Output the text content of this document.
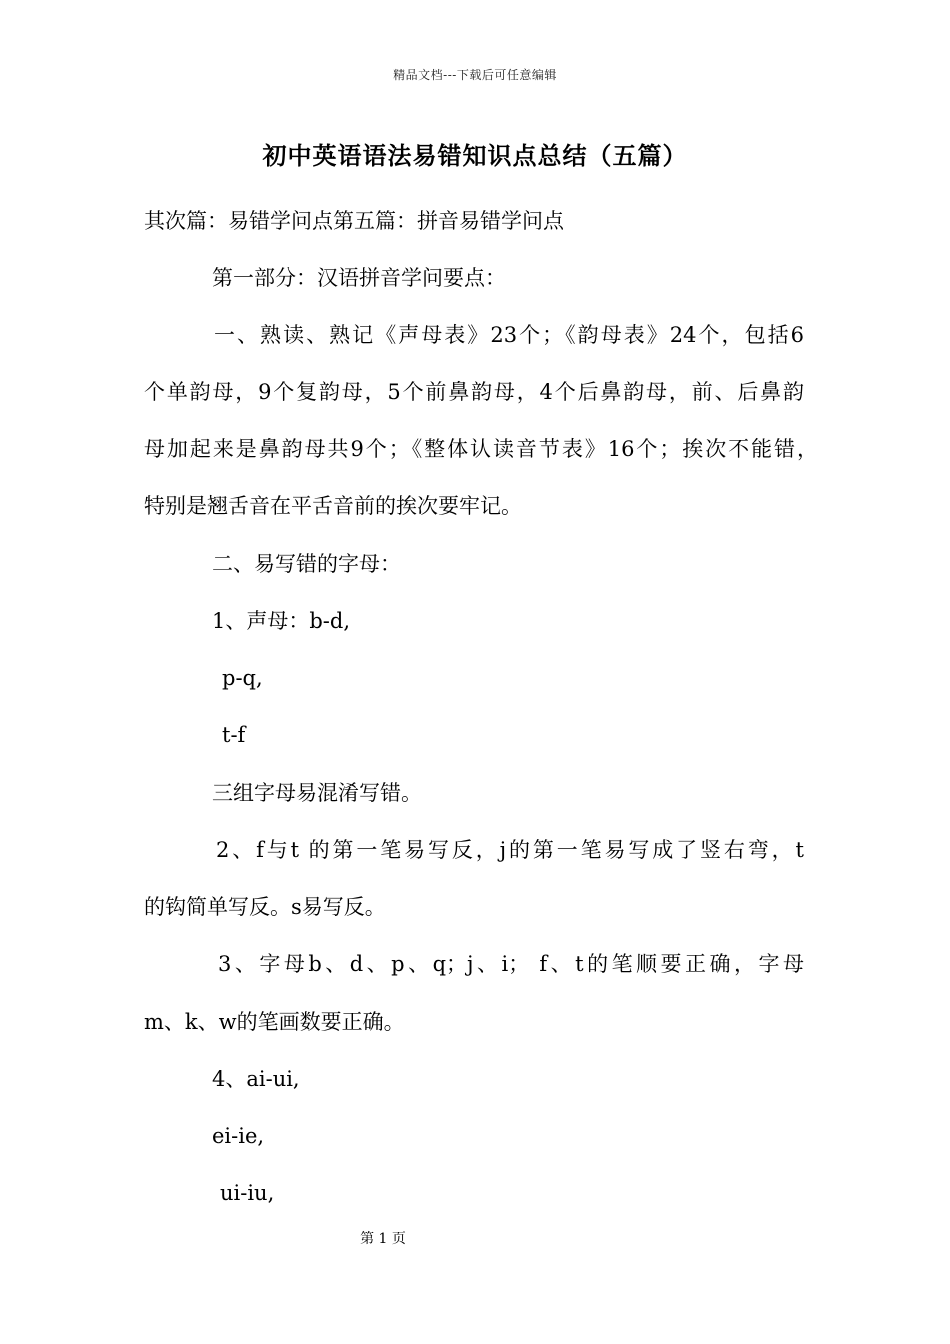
精品文档---下载后可任意编辑
初中英语语法易错知识点总结（五篇）
其次篇：易错学问点第五篇：拼音易错学问点
第一部分：汉语拼音学问要点：
一、熟读、熟记《声母表》23个；《韵母表》24个，包括6
个单韵母，9个复韵母，5个前鼻韵母，4个后鼻韵母，前、后鼻韵
母加起来是鼻韵母共9个；《整体认读音节表》16个；挨次不能错，
特别是翘舌音在平舌音前的挨次要牢记。
二、易写错的字母：
1、声母：b-d,
p-q,
t-f
三组字母易混淆写错。
2、f与t 的第一笔易写反，j的第一笔易写成了竖右弯，t
的钩简单写反。s易写反。
3、字母b、d、p、q；j、i； f、t的笔顺要正确，字母
m、k、w的笔画数要正确。
4、ai-ui,
ei-ie,
ui-iu,
第 1 页
